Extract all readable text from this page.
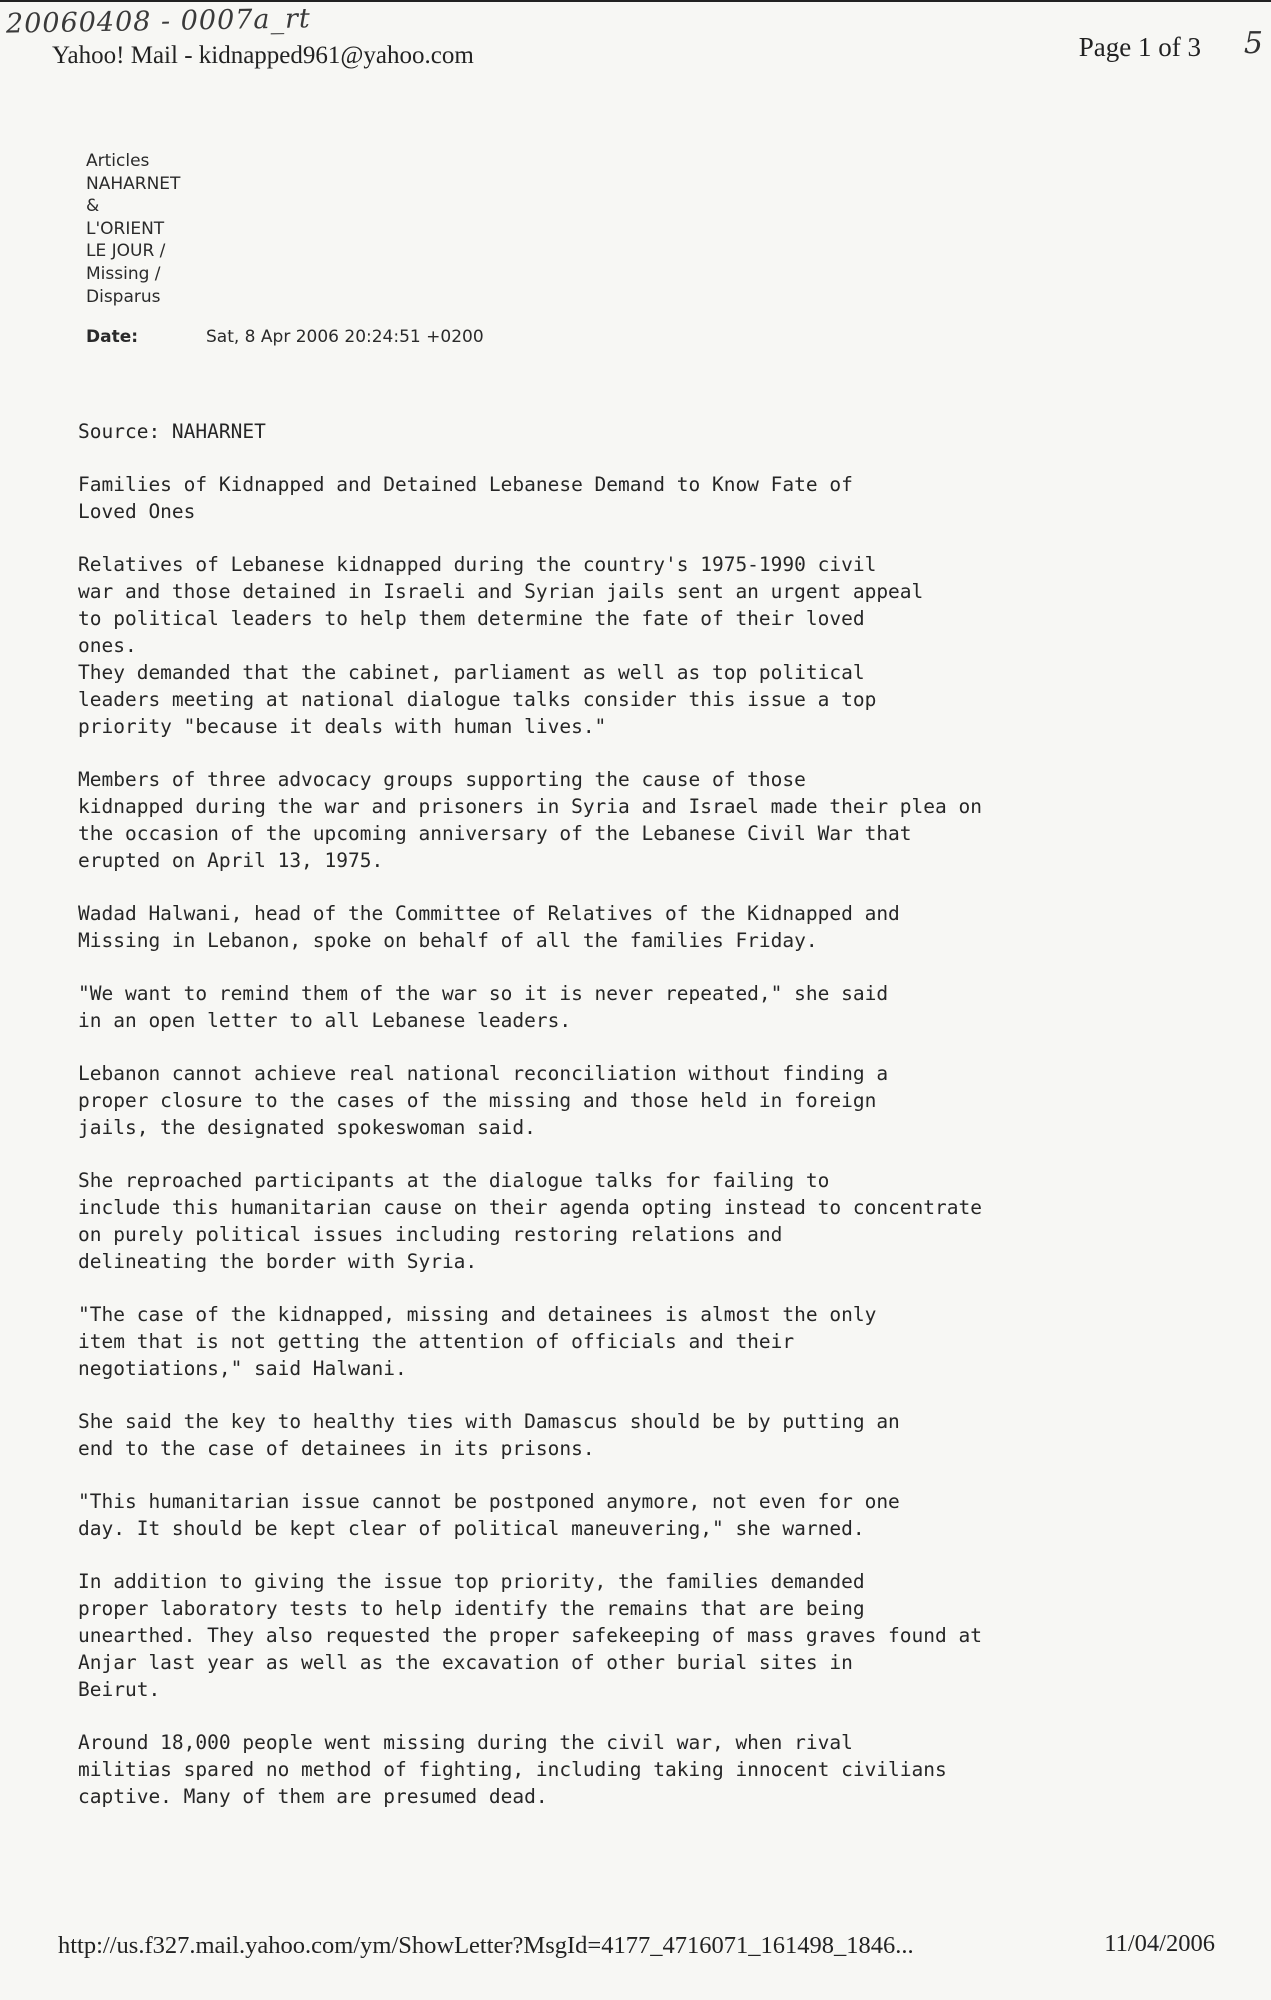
20060408 - 0007a_rt
5
Yahoo! Mail - kidnapped961@yahoo.com	Page 1 of 3
Articles
NAHARNET
&
L'ORIENT
LE JOUR /
Missing /
Disparus
Date:	Sat, 8 Apr 2006 20:24:51 +0200

Source: NAHARNET

Families of Kidnapped and Detained Lebanese Demand to Know Fate of
Loved Ones

Relatives of Lebanese kidnapped during the country's 1975-1990 civil
war and those detained in Israeli and Syrian jails sent an urgent appeal
to political leaders to help them determine the fate of their loved
ones.
They demanded that the cabinet, parliament as well as top political
leaders meeting at national dialogue talks consider this issue a top
priority "because it deals with human lives."

Members of three advocacy groups supporting the cause of those
kidnapped during the war and prisoners in Syria and Israel made their plea on
the occasion of the upcoming anniversary of the Lebanese Civil War that
erupted on April 13, 1975.

Wadad Halwani, head of the Committee of Relatives of the Kidnapped and
Missing in Lebanon, spoke on behalf of all the families Friday.

"We want to remind them of the war so it is never repeated," she said
in an open letter to all Lebanese leaders.

Lebanon cannot achieve real national reconciliation without finding a
proper closure to the cases of the missing and those held in foreign
jails, the designated spokeswoman said.

She reproached participants at the dialogue talks for failing to
include this humanitarian cause on their agenda opting instead to concentrate
on purely political issues including restoring relations and
delineating the border with Syria.

"The case of the kidnapped, missing and detainees is almost the only
item that is not getting the attention of officials and their
negotiations," said Halwani.

She said the key to healthy ties with Damascus should be by putting an
end to the case of detainees in its prisons.

"This humanitarian issue cannot be postponed anymore, not even for one
day. It should be kept clear of political maneuvering," she warned.

In addition to giving the issue top priority, the families demanded
proper laboratory tests to help identify the remains that are being
unearthed. They also requested the proper safekeeping of mass graves found at
Anjar last year as well as the excavation of other burial sites in
Beirut.

Around 18,000 people went missing during the civil war, when rival
militias spared no method of fighting, including taking innocent civilians
captive. Many of them are presumed dead.

http://us.f327.mail.yahoo.com/ym/ShowLetter?MsgId=4177_4716071_161498_1846...	11/04/2006
